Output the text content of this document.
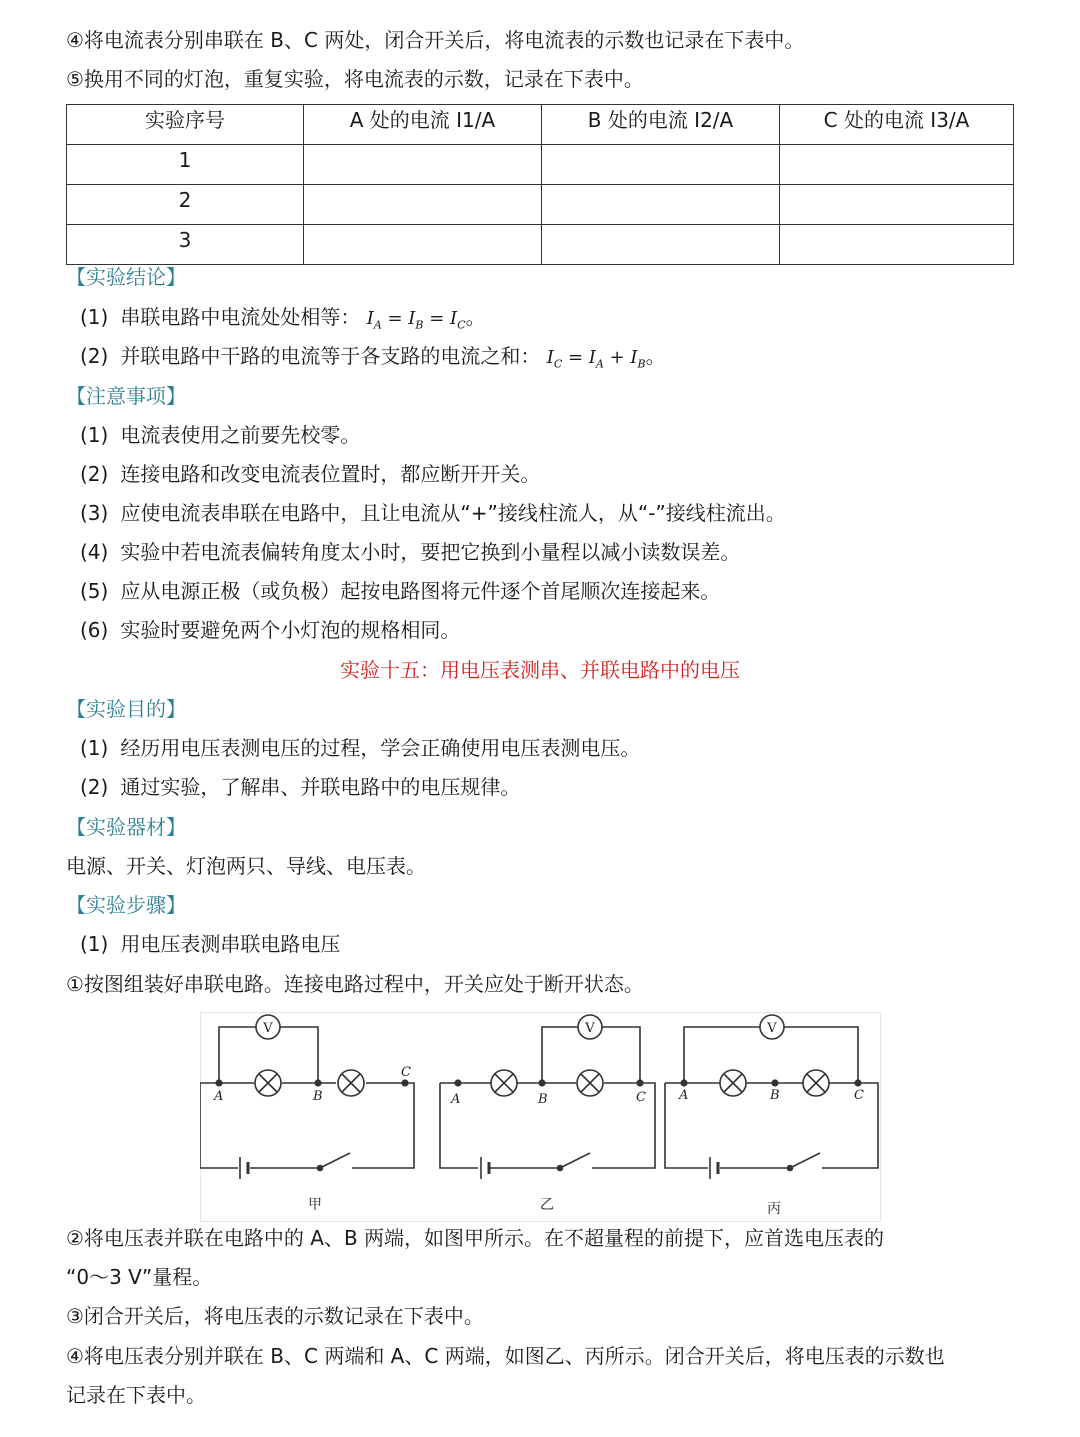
④将电流表分别串联在 B、C 两处，闭合开关后，将电流表的示数也记录在下表中。
⑤换用不同的灯泡，重复实验，将电流表的示数，记录在下表中。
实验序号	A 处的电流 I1/A	B 处的电流 I2/A	C 处的电流 I3/A
1			
2			
3			
【实验结论】
(1) 串联电路中电流处处相等： $I_A = I_B = I_C$。
(2) 并联电路中干路的电流等于各支路的电流之和： $I_C = I_A + I_B$。
【注意事项】
(1) 电流表使用之前要先校零。
(2) 连接电路和改变电流表位置时，都应断开开关。
(3) 应使电流表串联在电路中，且让电流从“+”接线柱流人，从“-”接线柱流出。
(4) 实验中若电流表偏转角度太小时，要把它换到小量程以减小读数误差。
(5) 应从电源正极（或负极）起按电路图将元件逐个首尾顺次连接起来。
(6) 实验时要避免两个小灯泡的规格相同。
实验十五：用电压表测串、并联电路中的电压
【实验目的】
(1) 经历用电压表测电压的过程，学会正确使用电压表测电压。
(2) 通过实验，了解串、并联电路中的电压规律。
【实验器材】
电源、开关、灯泡两只、导线、电压表。
【实验步骤】
(1) 用电压表测串联电路电压
①按图组装好串联电路。连接电路过程中，开关应处于断开状态。
V	V	V
A	B
C
A	B	C	A	B	C
甲	乙	丙
②将电压表并联在电路中的 A、B 两端，如图甲所示。在不超量程的前提下，应首选电压表的
“0～3 V”量程。
③闭合开关后，将电压表的示数记录在下表中。
④将电压表分别并联在 B、C 两端和 A、C 两端，如图乙、丙所示。闭合开关后，将电压表的示数也
记录在下表中。
